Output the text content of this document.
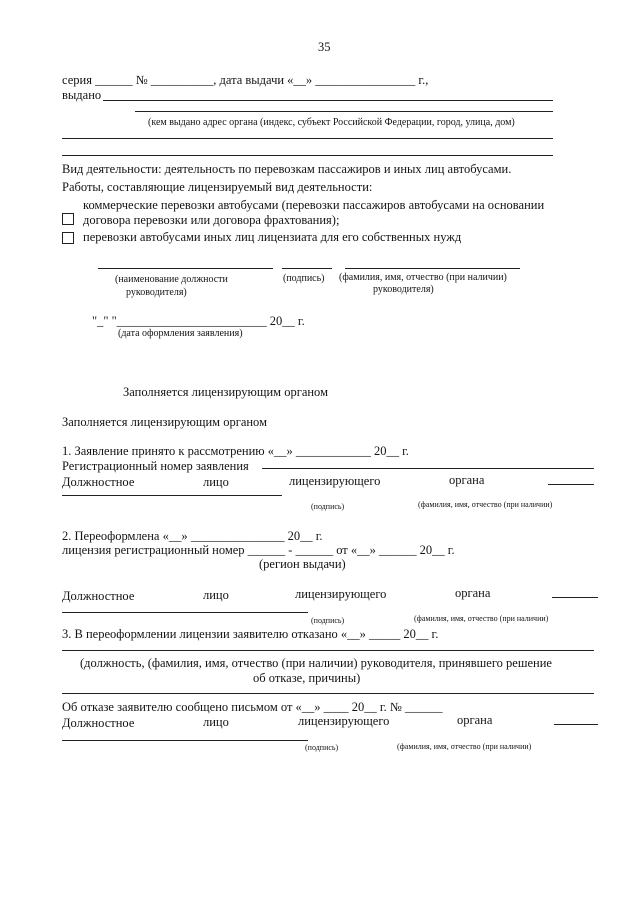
35
серия ______ № __________, дата выдачи «__» ________________ г.,
выдано
(кем выдано адрес органа (индекс, субъект Российской Федерации, город, улица, дом)
Вид деятельности: деятельность по перевозкам пассажиров и иных лиц автобусами.
Работы, составляющие лицензируемый вид деятельности:
коммерческие перевозки автобусами (перевозки пассажиров автобусами на основании
договора перевозки или договора фрахтования);
перевозки автобусами иных лиц лицензиата для его собственных нужд
(наименование должности
руководителя)
(подпись) (фамилия, имя, отчество (при наличии)
руководителя)
"_" "________________________ 20__ г.
(дата оформления заявления)
Заполняется лицензирующим органом
Заполняется лицензирующим органом
1. Заявление принято к рассмотрению «__» ____________ 20__ г.
Регистрационный номер заявления
Должностное	лицо	лицензирующего	органа
(подпись)	(фамилия, имя, отчество (при наличии)
2. Переоформлена «__» _______________ 20__ г.
лицензия регистрационный номер ______ - ______ от «__» ______ 20__ г.
(регион выдачи)
Должностное	лицо	лицензирующего	органа
(подпись)	(фамилия, имя, отчество (при наличии)
3. В переоформлении лицензии заявителю отказано «__» _____ 20__ г.
(должность, (фамилия, имя, отчество (при наличии) руководителя, принявшего решение
об отказе, причины)
Об отказе заявителю сообщено письмом от «__» ____ 20__ г. № ______
Должностное	лицо	лицензирующего	органа
(подпись)	(фамилия, имя, отчество (при наличии)
